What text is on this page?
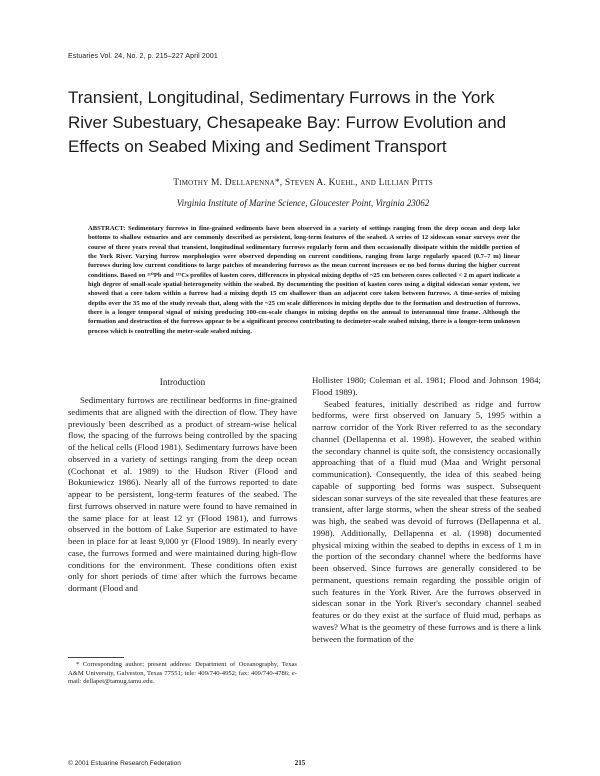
Estuaries Vol. 24, No. 2, p. 215–227 April 2001
Transient, Longitudinal, Sedimentary Furrows in the York River Subestuary, Chesapeake Bay: Furrow Evolution and Effects on Seabed Mixing and Sediment Transport
Timothy M. Dellapenna*, Steven A. Kuehl, and Lillian Pitts
Virginia Institute of Marine Science, Gloucester Point, Virginia 23062

ABSTRACT: Sedimentary furrows in fine-grained sediments have been observed in a variety of settings ranging from the deep ocean and deep lake bottoms to shallow estuaries and are commonly described as persistent, long-term features of the seabed. A series of 12 sidescan sonar surveys over the course of three years reveal that transient, longitudinal sedimentary furrows regularly form and then occasionally dissipate within the middle portion of the York River. Varying furrow morphologies were observed depending on current conditions, ranging from large regularly spaced (0.7–7 m) linear furrows during low current conditions to large patches of meandering furrows as the mean current increases or no bed forms during the higher current conditions. Based on ²¹⁰Pb and ¹³⁷Cs profiles of kasten cores, differences in physical mixing depths of ~25 cm between cores collected < 2 m apart indicate a high degree of small-scale spatial heterogeneity within the seabed. By documenting the position of kasten cores using a digital sidescan sonar system, we showed that a core taken within a furrow had a mixing depth 15 cm shallower than an adjacent core taken between furrows. A time-series of mixing depths over the 35 mo of the study reveals that, along with the ~25 cm scale differences in mixing depths due to the formation and destruction of furrows, there is a longer temporal signal of mixing producing 100-cm-scale changes in mixing depths on the annual to interannual time frame. Although the formation and destruction of the furrows appear to be a significant process contributing to decimeter-scale seabed mixing, there is a longer-term unknown process which is controlling the meter-scale seabed mixing.

Introduction

Sedimentary furrows are rectilinear bedforms in fine-grained sediments that are aligned with the direction of flow. They have previously been described as a product of stream-wise helical flow, the spacing of the furrows being controlled by the spacing of the helical cells (Flood 1981). Sedimentary furrows have been observed in a variety of settings ranging from the deep ocean (Cochonat et al. 1989) to the Hudson River (Flood and Bokuniewicz 1986). Nearly all of the furrows reported to date appear to be persistent, long-term features of the seabed. The first furrows observed in nature were found to have remained in the same place for at least 12 yr (Flood 1981), and furrows observed in the bottom of Lake Superior are estimated to have been in place for at least 9,000 yr (Flood 1989). In nearly every case, the furrows formed and were maintained during high-flow conditions for the environment. These conditions often exist only for short periods of time after which the furrows became dormant (Flood and

Hollister 1980; Coleman et al. 1981; Flood and Johnson 1984; Flood 1989).

Seabed features, initially described as ridge and furrow bedforms, were first observed on January 5, 1995 within a narrow corridor of the York River referred to as the secondary channel (Dellapenna et al. 1998). However, the seabed within the secondary channel is quite soft, the consistency occasionally approaching that of a fluid mud (Maa and Wright personal communication). Consequently, the idea of this seabed being capable of supporting bed forms was suspect. Subsequent sidescan sonar surveys of the site revealed that these features are transient, after large storms, when the shear stress of the seabed was high, the seabed was devoid of furrows (Dellapenna et al. 1998). Additionally, Dellapenna et al. (1998) documented physical mixing within the seabed to depths in excess of 1 m in the portion of the secondary channel where the bedforms have been observed. Since furrows are generally considered to be permanent, questions remain regarding the possible origin of such features in the York River. Are the furrows observed in sidescan sonar in the York River's secondary channel seabed features or do they exist at the surface of fluid mud, perhaps as waves? What is the geometry of these furrows and is there a link between the formation of the

* Corresponding author; present address: Department of Oceanography, Texas A&M University, Galveston, Texas 77551; tele: 409/740-4952; fax: 409/740-4786; e-mail: dellapet@tamug.tamu.edu.

© 2001 Estuarine Research Federation	215
